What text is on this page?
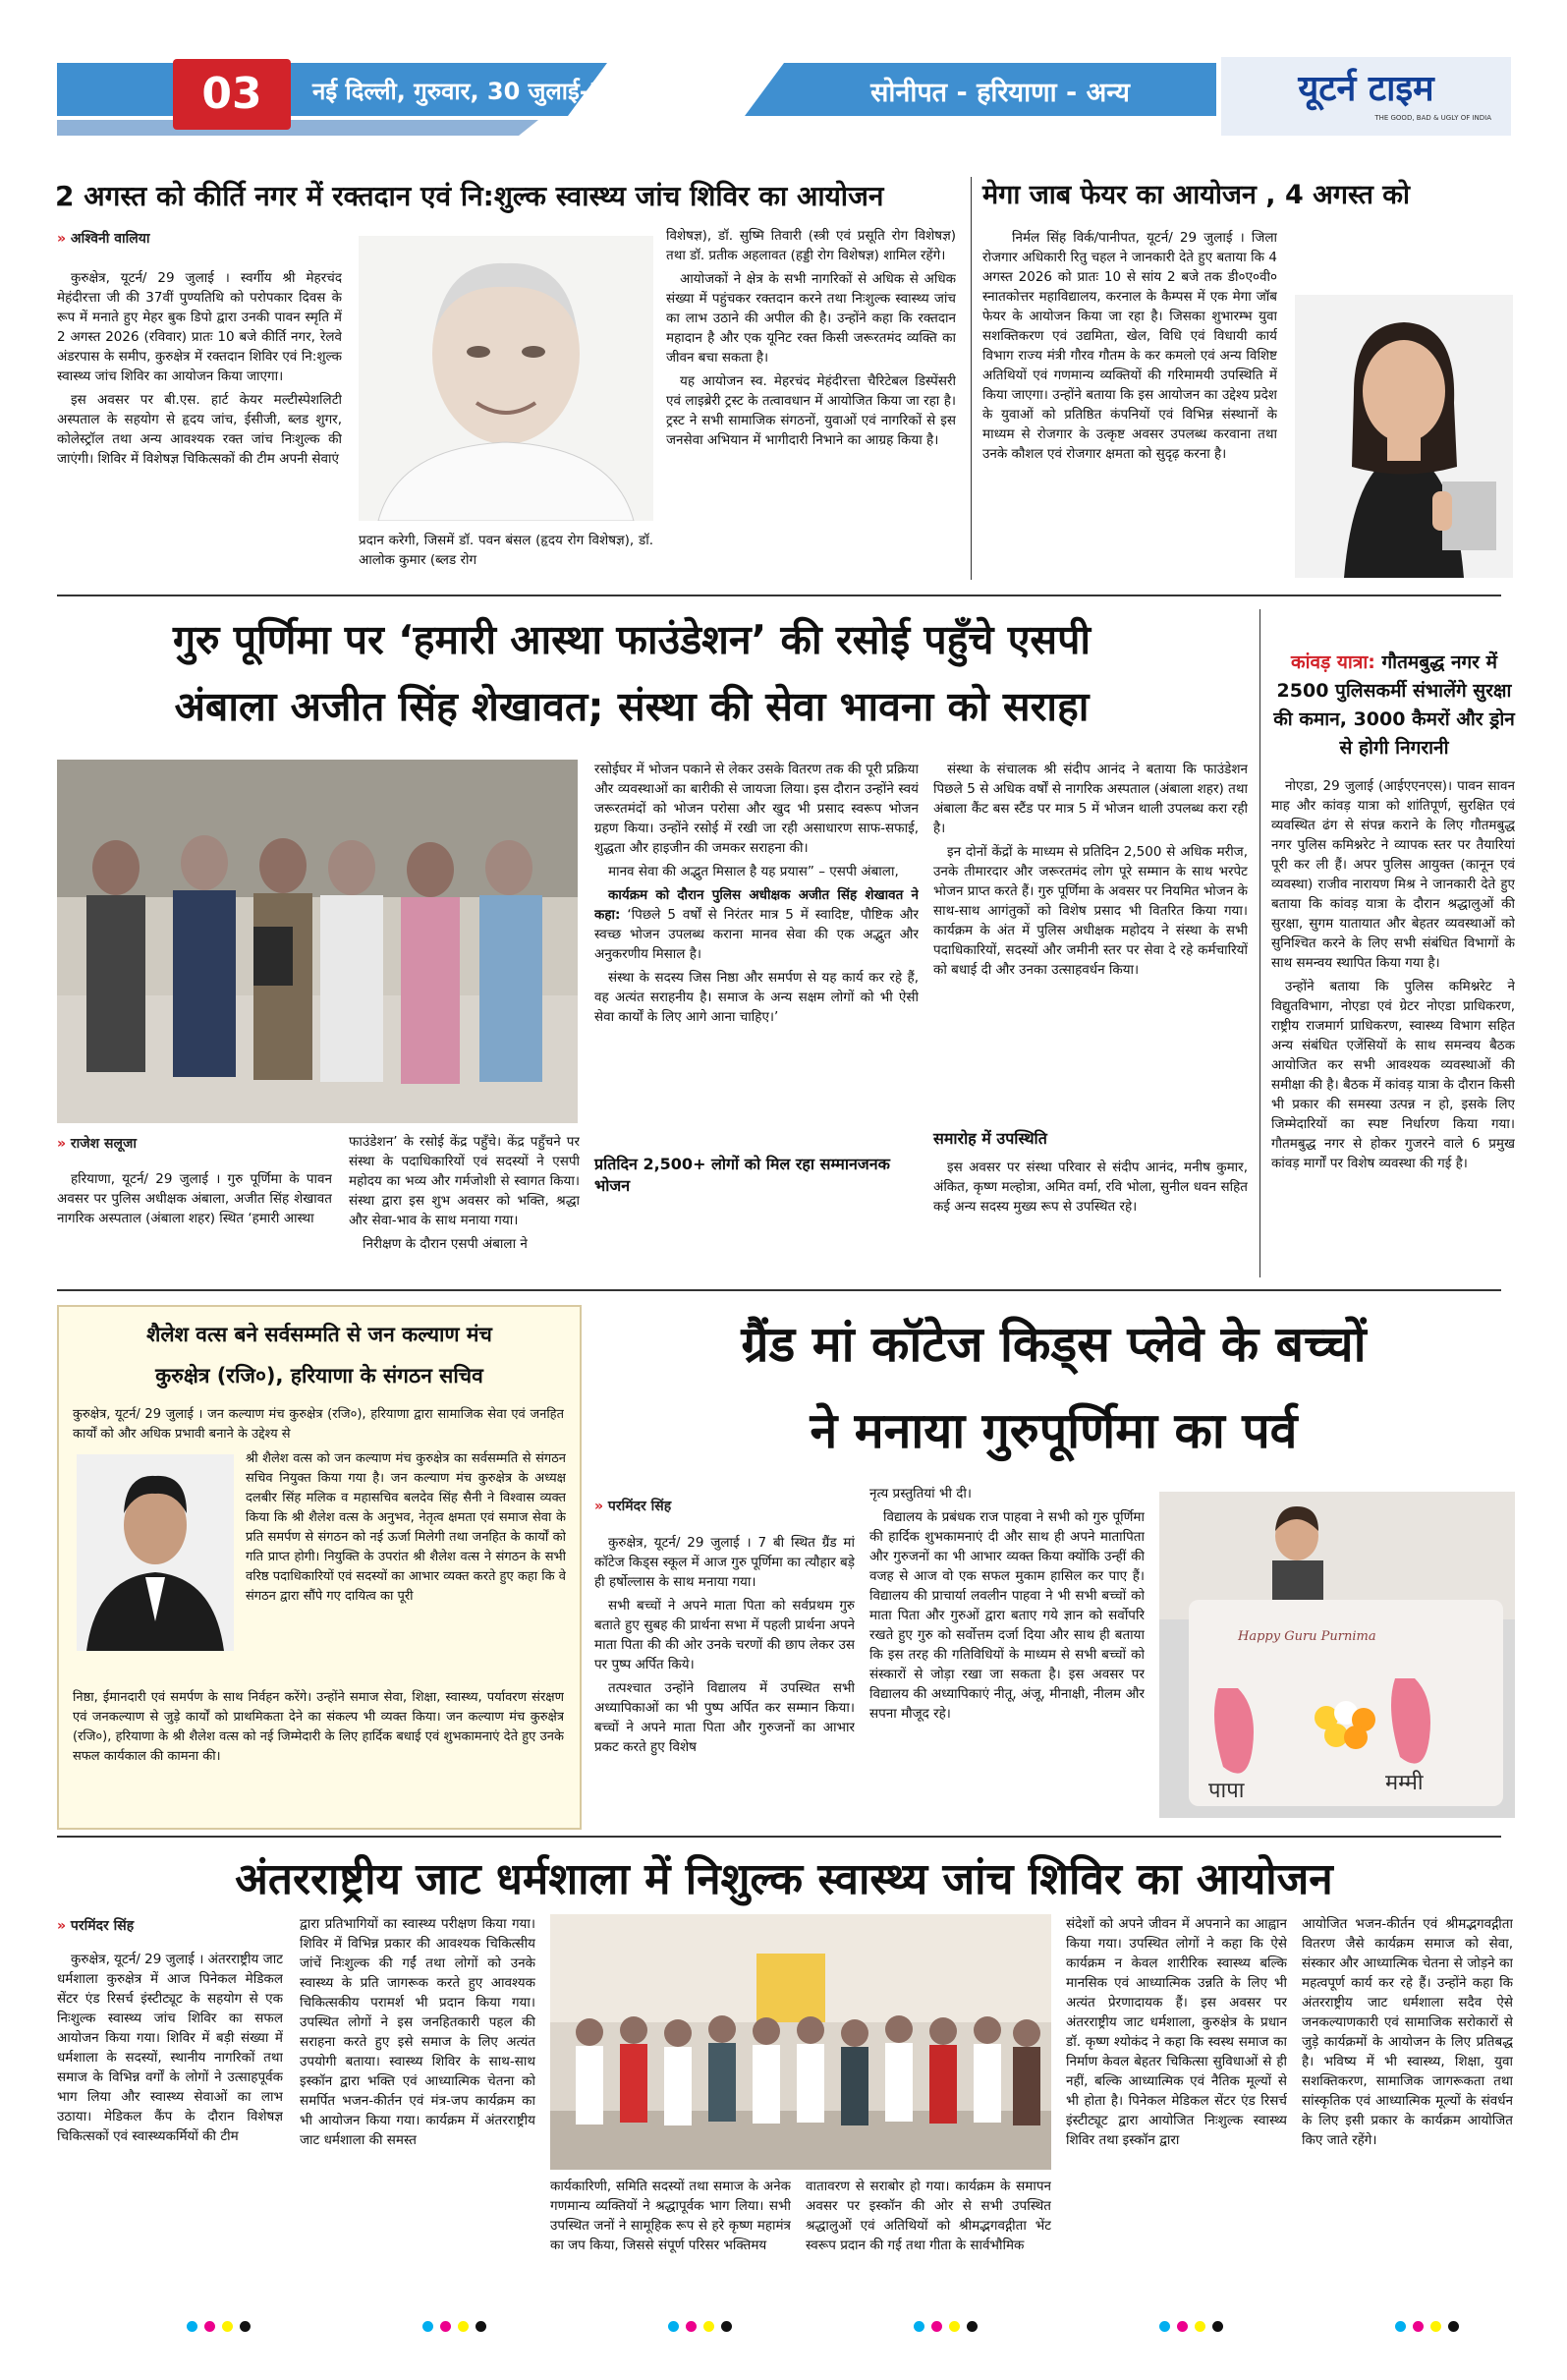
03	नई दिल्ली, गुरुवार, 30 जुलाई-2026	सोनीपत - हरियाणा - अन्य	यूटर्न टाइम
THE GOOD, BAD & UGLY OF INDIA
2 अगस्त को कीर्ति नगर में रक्तदान एवं नि:शुल्क स्वास्थ्य जांच शिविर का आयोजन
» अश्विनी वालिया

कुरुक्षेत्र, यूटर्न/ 29 जुलाई । स्वर्गीय श्री मेहरचंद मेहंदीरत्ता जी की 37वीं पुण्यतिथि को परोपकार दिवस के रूप में मनाते हुए मेहर बुक डिपो द्वारा उनकी पावन स्मृति में 2 अगस्त 2026 (रविवार) प्रातः 10 बजे कीर्ति नगर, रेलवे अंडरपास के समीप, कुरुक्षेत्र में रक्तदान शिविर एवं नि:शुल्क स्वास्थ्य जांच शिविर का आयोजन किया जाएगा।

इस अवसर पर बी.एस. हार्ट केयर मल्टीस्पेशलिटी अस्पताल के सहयोग से हृदय जांच, ईसीजी, ब्लड शुगर, कोलेस्ट्रॉल तथा अन्य आवश्यक रक्त जांच निःशुल्क की जाएंगी। शिविर में विशेषज्ञ चिकित्सकों की टीम अपनी सेवाएं

प्रदान करेगी, जिसमें डॉ. पवन बंसल (हृदय रोग विशेषज्ञ), डॉ. आलोक कुमार (ब्लड रोग

विशेषज्ञ), डॉ. सुष्मि तिवारी (स्त्री एवं प्रसूति रोग विशेषज्ञ) तथा डॉ. प्रतीक अहलावत (हड्डी रोग विशेषज्ञ) शामिल रहेंगे।

आयोजकों ने क्षेत्र के सभी नागरिकों से अधिक से अधिक संख्या में पहुंचकर रक्तदान करने तथा निःशुल्क स्वास्थ्य जांच का लाभ उठाने की अपील की है। उन्होंने कहा कि रक्तदान महादान है और एक यूनिट रक्त किसी जरूरतमंद व्यक्ति का जीवन बचा सकता है।

यह आयोजन स्व. मेहरचंद मेहंदीरत्ता चैरिटेबल डिस्पेंसरी एवं लाइब्रेरी ट्रस्ट के तत्वावधान में आयोजित किया जा रहा है। ट्रस्ट ने सभी सामाजिक संगठनों, युवाओं एवं नागरिकों से इस जनसेवा अभियान में भागीदारी निभाने का आग्रह किया है।

मेगा जाब फेयर का आयोजन , 4 अगस्त को

निर्मल सिंह विर्क/पानीपत, यूटर्न/ 29 जुलाई । जिला रोजगार अधिकारी रितु चहल ने जानकारी देते हुए बताया कि 4 अगस्त 2026 को प्रातः 10 से सांय 2 बजे तक डी०ए०वी० स्नातकोत्तर महाविद्यालय, करनाल के कैम्पस में एक मेगा जॉब फेयर के आयोजन किया जा रहा है। जिसका शुभारम्भ युवा सशक्तिकरण एवं उद्यमिता, खेल, विधि एवं विधायी कार्य विभाग राज्य मंत्री गौरव गौतम के कर कमलो एवं अन्य विशिष्ट अतिथियों एवं गणमान्य व्यक्तियों की गरिमामयी उपस्थिति में किया जाएगा। उन्होंने बताया कि इस आयोजन का उद्देश्य प्रदेश के युवाओं को प्रतिष्ठित कंपनियों एवं विभिन्न संस्थानों के माध्यम से रोजगार के उत्कृष्ट अवसर उपलब्ध करवाना तथा उनके कौशल एवं रोजगार क्षमता को सुदृढ़ करना है।

गुरु पूर्णिमा पर ‘हमारी आस्था फाउंडेशन’ की रसोई पहुँचे एसपी
अंबाला अजीत सिंह शेखावत; संस्था की सेवा भावना को सराहा
» राजेश सलूजा

हरियाणा, यूटर्न/ 29 जुलाई । गुरु पूर्णिमा के पावन अवसर पर पुलिस अधीक्षक अंबाला, अजीत सिंह शेखावत नागरिक अस्पताल (अंबाला शहर) स्थित ‘हमारी आस्था

फाउंडेशन’ के रसोई केंद्र पहुँचे। केंद्र पहुँचने पर संस्था के पदाधिकारियों एवं सदस्यों ने एसपी महोदय का भव्य और गर्मजोशी से स्वागत किया। संस्था द्वारा इस शुभ अवसर को भक्ति, श्रद्धा और सेवा-भाव के साथ मनाया गया।

निरीक्षण के दौरान एसपी अंबाला ने

रसोईघर में भोजन पकाने से लेकर उसके वितरण तक की पूरी प्रक्रिया और व्यवस्थाओं का बारीकी से जायजा लिया। इस दौरान उन्होंने स्वयं जरूरतमंदों को भोजन परोसा और खुद भी प्रसाद स्वरूप भोजन ग्रहण किया। उन्होंने रसोई में रखी जा रही असाधारण साफ-सफाई, शुद्धता और हाइजीन की जमकर सराहना की।

मानव सेवा की अद्भुत मिसाल है यह प्रयास” – एसपी अंबाला,

कार्यक्रम को दौरान पुलिस अधीक्षक अजीत सिंह शेखावत ने कहा: ‘पिछले 5 वर्षों से निरंतर मात्र 5 में स्वादिष्ट, पौष्टिक और स्वच्छ भोजन उपलब्ध कराना मानव सेवा की एक अद्भुत और अनुकरणीय मिसाल है।

संस्था के सदस्य जिस निष्ठा और समर्पण से यह कार्य कर रहे हैं, वह अत्यंत सराहनीय है। समाज के अन्य सक्षम लोगों को भी ऐसी सेवा कार्यों के लिए आगे आना चाहिए।’

प्रतिदिन 2,500+ लोगों को मिल रहा सम्मानजनक भोजन

संस्था के संचालक श्री संदीप आनंद ने बताया कि फाउंडेशन पिछले 5 से अधिक वर्षों से नागरिक अस्पताल (अंबाला शहर) तथा अंबाला कैंट बस स्टैंड पर मात्र 5 में भोजन थाली उपलब्ध करा रही है।

इन दोनों केंद्रों के माध्यम से प्रतिदिन 2,500 से अधिक मरीज, उनके तीमारदार और जरूरतमंद लोग पूरे सम्मान के साथ भरपेट भोजन प्राप्त करते हैं। गुरु पूर्णिमा के अवसर पर नियमित भोजन के साथ-साथ आगंतुकों को विशेष प्रसाद भी वितरित किया गया। कार्यक्रम के अंत में पुलिस अधीक्षक महोदय ने संस्था के सभी पदाधिकारियों, सदस्यों और जमीनी स्तर पर सेवा दे रहे कर्मचारियों को बधाई दी और उनका उत्साहवर्धन किया।

समारोह में उपस्थिति

इस अवसर पर संस्था परिवार से संदीप आनंद, मनीष कुमार, अंकित, कृष्ण मल्होत्रा, अमित वर्मा, रवि भोला, सुनील धवन सहित कई अन्य सदस्य मुख्य रूप से उपस्थित रहे।

कांवड़ यात्रा: गौतमबुद्ध नगर में 2500 पुलिसकर्मी संभालेंगे सुरक्षा की कमान, 3000 कैमरों और ड्रोन से होगी निगरानी

नोएडा, 29 जुलाई (आईएएनएस)। पावन सावन माह और कांवड़ यात्रा को शांतिपूर्ण, सुरक्षित एवं व्यवस्थित ढंग से संपन्न कराने के लिए गौतमबुद्ध नगर पुलिस कमिश्नरेट ने व्यापक स्तर पर तैयारियां पूरी कर ली हैं। अपर पुलिस आयुक्त (कानून एवं व्यवस्था) राजीव नारायण मिश्र ने जानकारी देते हुए बताया कि कांवड़ यात्रा के दौरान श्रद्धालुओं की सुरक्षा, सुगम यातायात और बेहतर व्यवस्थाओं को सुनिश्चित करने के लिए सभी संबंधित विभागों के साथ समन्वय स्थापित किया गया है।

उन्होंने बताया कि पुलिस कमिश्नरेट ने विद्युतविभाग, नोएडा एवं ग्रेटर नोएडा प्राधिकरण, राष्ट्रीय राजमार्ग प्राधिकरण, स्वास्थ्य विभाग सहित अन्य संबंधित एजेंसियों के साथ समन्वय बैठक आयोजित कर सभी आवश्यक व्यवस्थाओं की समीक्षा की है। बैठक में कांवड़ यात्रा के दौरान किसी भी प्रकार की समस्या उत्पन्न न हो, इसके लिए जिम्मेदारियों का स्पष्ट निर्धारण किया गया। गौतमबुद्ध नगर से होकर गुजरने वाले 6 प्रमुख कांवड़ मार्गों पर विशेष व्यवस्था की गई है।

शैलेश वत्स बने सर्वसम्मति से जन कल्याण मंच
कुरुक्षेत्र (रजि०), हरियाणा के संगठन सचिव
कुरुक्षेत्र, यूटर्न/ 29 जुलाई । जन कल्याण मंच कुरुक्षेत्र (रजि०), हरियाणा द्वारा सामाजिक सेवा एवं जनहित कार्यों को और अधिक प्रभावी बनाने के उद्देश्य से
श्री शैलेश वत्स को जन कल्याण मंच कुरुक्षेत्र का सर्वसम्मति से संगठन सचिव नियुक्त किया गया है। जन कल्याण मंच कुरुक्षेत्र के अध्यक्ष दलबीर सिंह मलिक व महासचिव बलदेव सिंह सैनी ने विश्वास व्यक्त किया कि श्री शैलेश वत्स के अनुभव, नेतृत्व क्षमता एवं समाज सेवा के प्रति समर्पण से संगठन को नई ऊर्जा मिलेगी तथा जनहित के कार्यों को गति प्राप्त होगी। नियुक्ति के उपरांत श्री शैलेश वत्स ने संगठन के सभी वरिष्ठ पदाधिकारियों एवं सदस्यों का आभार व्यक्त करते हुए कहा कि वे संगठन द्वारा सौंपे गए दायित्व का पूरी
निष्ठा, ईमानदारी एवं समर्पण के साथ निर्वहन करेंगे। उन्होंने समाज सेवा, शिक्षा, स्वास्थ्य, पर्यावरण संरक्षण एवं जनकल्याण से जुड़े कार्यों को प्राथमिकता देने का संकल्प भी व्यक्त किया। जन कल्याण मंच कुरुक्षेत्र (रजि०), हरियाणा के श्री शैलेश वत्स को नई जिम्मेदारी के लिए हार्दिक बधाई एवं शुभकामनाएं देते हुए उनके सफल कार्यकाल की कामना की।
ग्रैंड मां कॉटेज किड्स प्लेवे के बच्चों
ने मनाया गुरुपूर्णिमा का पर्व
» परमिंदर सिंह

कुरुक्षेत्र, यूटर्न/ 29 जुलाई । 7 बी स्थित ग्रैंड मां कॉटेज किड्स स्कूल में आज गुरु पूर्णिमा का त्यौहार बड़े ही हर्षोल्लास के साथ मनाया गया।

सभी बच्चों ने अपने माता पिता को सर्वप्रथम गुरु बताते हुए सुबह की प्रार्थना सभा में पहली प्रार्थना अपने माता पिता की की ओर उनके चरणों की छाप लेकर उस पर पुष्प अर्पित किये।

तत्पश्चात उन्होंने विद्यालय में उपस्थित सभी अध्यापिकाओं का भी पुष्प अर्पित कर सम्मान किया। बच्चों ने अपने माता पिता और गुरुजनों का आभार प्रकट करते हुए विशेष

नृत्य प्रस्तुतियां भी दी।

विद्यालय के प्रबंधक राज पाहवा ने सभी को गुरु पूर्णिमा की हार्दिक शुभकामनाएं दी और साथ ही अपने मातापिता और गुरुजनों का भी आभार व्यक्त किया क्योंकि उन्हीं की वजह से आज वो एक सफल मुकाम हासिल कर पाए हैं। विद्यालय की प्राचार्या लवलीन पाहवा ने भी सभी बच्चों को माता पिता और गुरुओं द्वारा बताए गये ज्ञान को सर्वोपरि रखते हुए गुरु को सर्वोत्तम दर्जा दिया और साथ ही बताया कि इस तरह की गतिविधियों के माध्यम से सभी बच्चों को संस्कारों से जोड़ा रखा जा सकता है। इस अवसर पर विद्यालय की अध्यापिकाएं नीतू, अंजू, मीनाक्षी, नीलम और सपना मौजूद रहे।

Happy Guru Purnima
पापा	मम्मी
अंतरराष्ट्रीय जाट धर्मशाला में निशुल्क स्वास्थ्य जांच शिविर का आयोजन
» परमिंदर सिंह

कुरुक्षेत्र, यूटर्न/ 29 जुलाई । अंतरराष्ट्रीय जाट धर्मशाला कुरुक्षेत्र में आज पिनेकल मेडिकल सेंटर एंड रिसर्च इंस्टीट्यूट के सहयोग से एक निःशुल्क स्वास्थ्य जांच शिविर का सफल आयोजन किया गया। शिविर में बड़ी संख्या में धर्मशाला के सदस्यों, स्थानीय नागरिकों तथा समाज के विभिन्न वर्गों के लोगों ने उत्साहपूर्वक भाग लिया और स्वास्थ्य सेवाओं का लाभ उठाया। मेडिकल कैंप के दौरान विशेषज्ञ चिकित्सकों एवं स्वास्थ्यकर्मियों की टीम

द्वारा प्रतिभागियों का स्वास्थ्य परीक्षण किया गया। शिविर में विभिन्न प्रकार की आवश्यक चिकित्सीय जांचें निःशुल्क की गईं तथा लोगों को उनके स्वास्थ्य के प्रति जागरूक करते हुए आवश्यक चिकित्सकीय परामर्श भी प्रदान किया गया। उपस्थित लोगों ने इस जनहितकारी पहल की सराहना करते हुए इसे समाज के लिए अत्यंत उपयोगी बताया। स्वास्थ्य शिविर के साथ-साथ इस्कॉन द्वारा भक्ति एवं आध्यात्मिक चेतना को समर्पित भजन-कीर्तन एवं मंत्र-जप कार्यक्रम का भी आयोजन किया गया। कार्यक्रम में अंतरराष्ट्रीय जाट धर्मशाला की समस्त

कार्यकारिणी, समिति सदस्यों तथा समाज के अनेक गणमान्य व्यक्तियों ने श्रद्धापूर्वक भाग लिया। सभी उपस्थित जनों ने सामूहिक रूप से हरे कृष्ण महामंत्र का जप किया, जिससे संपूर्ण परिसर भक्तिमय
वातावरण से सराबोर हो गया। कार्यक्रम के समापन अवसर पर इस्कॉन की ओर से सभी उपस्थित श्रद्धालुओं एवं अतिथियों को श्रीमद्भगवद्गीता भेंट स्वरूप प्रदान की गई तथा गीता के सार्वभौमिक

संदेशों को अपने जीवन में अपनाने का आह्वान किया गया। उपस्थित लोगों ने कहा कि ऐसे कार्यक्रम न केवल शारीरिक स्वास्थ्य बल्कि मानसिक एवं आध्यात्मिक उन्नति के लिए भी अत्यंत प्रेरणादायक हैं। इस अवसर पर अंतरराष्ट्रीय जाट धर्मशाला, कुरुक्षेत्र के प्रधान डॉ. कृष्ण श्योकंद ने कहा कि स्वस्थ समाज का निर्माण केवल बेहतर चिकित्सा सुविधाओं से ही नहीं, बल्कि आध्यात्मिक एवं नैतिक मूल्यों से भी होता है। पिनेकल मेडिकल सेंटर एंड रिसर्च इंस्टीट्यूट द्वारा आयोजित निःशुल्क स्वास्थ्य शिविर तथा इस्कॉन द्वारा

आयोजित भजन-कीर्तन एवं श्रीमद्भगवद्गीता वितरण जैसे कार्यक्रम समाज को सेवा, संस्कार और आध्यात्मिक चेतना से जोड़ने का महत्वपूर्ण कार्य कर रहे हैं। उन्होंने कहा कि अंतरराष्ट्रीय जाट धर्मशाला सदैव ऐसे जनकल्याणकारी एवं सामाजिक सरोकारों से जुड़े कार्यक्रमों के आयोजन के लिए प्रतिबद्ध है। भविष्य में भी स्वास्थ्य, शिक्षा, युवा सशक्तिकरण, सामाजिक जागरूकता तथा सांस्कृतिक एवं आध्यात्मिक मूल्यों के संवर्धन के लिए इसी प्रकार के कार्यक्रम आयोजित किए जाते रहेंगे।
